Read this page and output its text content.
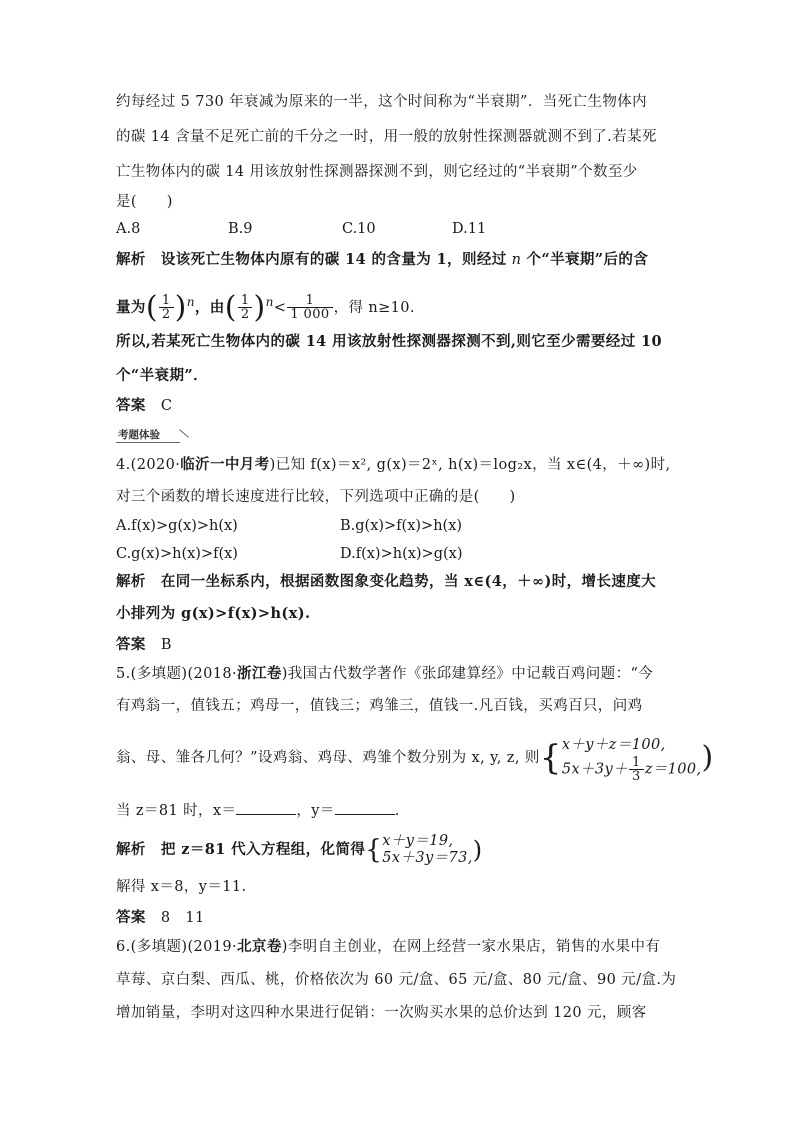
约每经过 5 730 年衰减为原来的一半，这个时间称为“半衰期”．当死亡生物体内
的碳 14 含量不足死亡前的千分之一时，用一般的放射性探测器就测不到了.若某死
亡生物体内的碳 14 用该放射性探测器探测不到，则它经过的“半衰期”个数至少
是(　　)
A.8	B.9	C.10	D.11
解析 设该死亡生物体内原有的碳 14 的含量为 1，则经过 n 个“半衰期”后的含
量为( $\frac{1}{2} )^n$，由( $\frac{1}{2} )^n< \frac{1}{1 000}$ ，得 n≥10.
所以,若某死亡生物体内的碳 14 用该放射性探测器探测不到,则它至少需要经过 10
个“半衰期”．
答案 C
考题体验
4.(2020·临沂一中月考)已知 f(x)＝x², g(x)＝2ˣ, h(x)＝log₂x，当 x∈(4，＋∞)时,
对三个函数的增长速度进行比较，下列选项中正确的是(　　)
A.f(x)>g(x)>h(x)	B.g(x)>f(x)>h(x)
C.g(x)>h(x)>f(x)	D.f(x)>h(x)>g(x)
解析 在同一坐标系内，根据函数图象变化趋势，当 x∈(4，＋∞)时，增长速度大
小排列为 g(x)>f(x)>h(x).
答案 B
5.(多填题)(2018·浙江卷)我国古代数学著作《张邱建算经》中记载百鸡问题：“今
有鸡翁一，值钱五；鸡母一，值钱三；鸡雏三，值钱一.凡百钱，买鸡百只，问鸡
翁、母、雏各几何？”设鸡翁、鸡母、鸡雏个数分别为 x, y, z, 则{ x＋y＋z＝100,
$5x+3y+ \frac{1}{3} z=100$, )
当 z＝81 时，x＝	，y＝	.
解析 把 z＝81 代入方程组，化简得{ x＋y＝19,
5x＋3y＝73, )
解得 x＝8，y＝11.
答案 8　11
6.(多填题)(2019·北京卷)李明自主创业，在网上经营一家水果店，销售的水果中有
草莓、京白梨、西瓜、桃，价格依次为 60 元/盒、65 元/盒、80 元/盒、90 元/盒.为
增加销量，李明对这四种水果进行促销：一次购买水果的总价达到 120 元，顾客
